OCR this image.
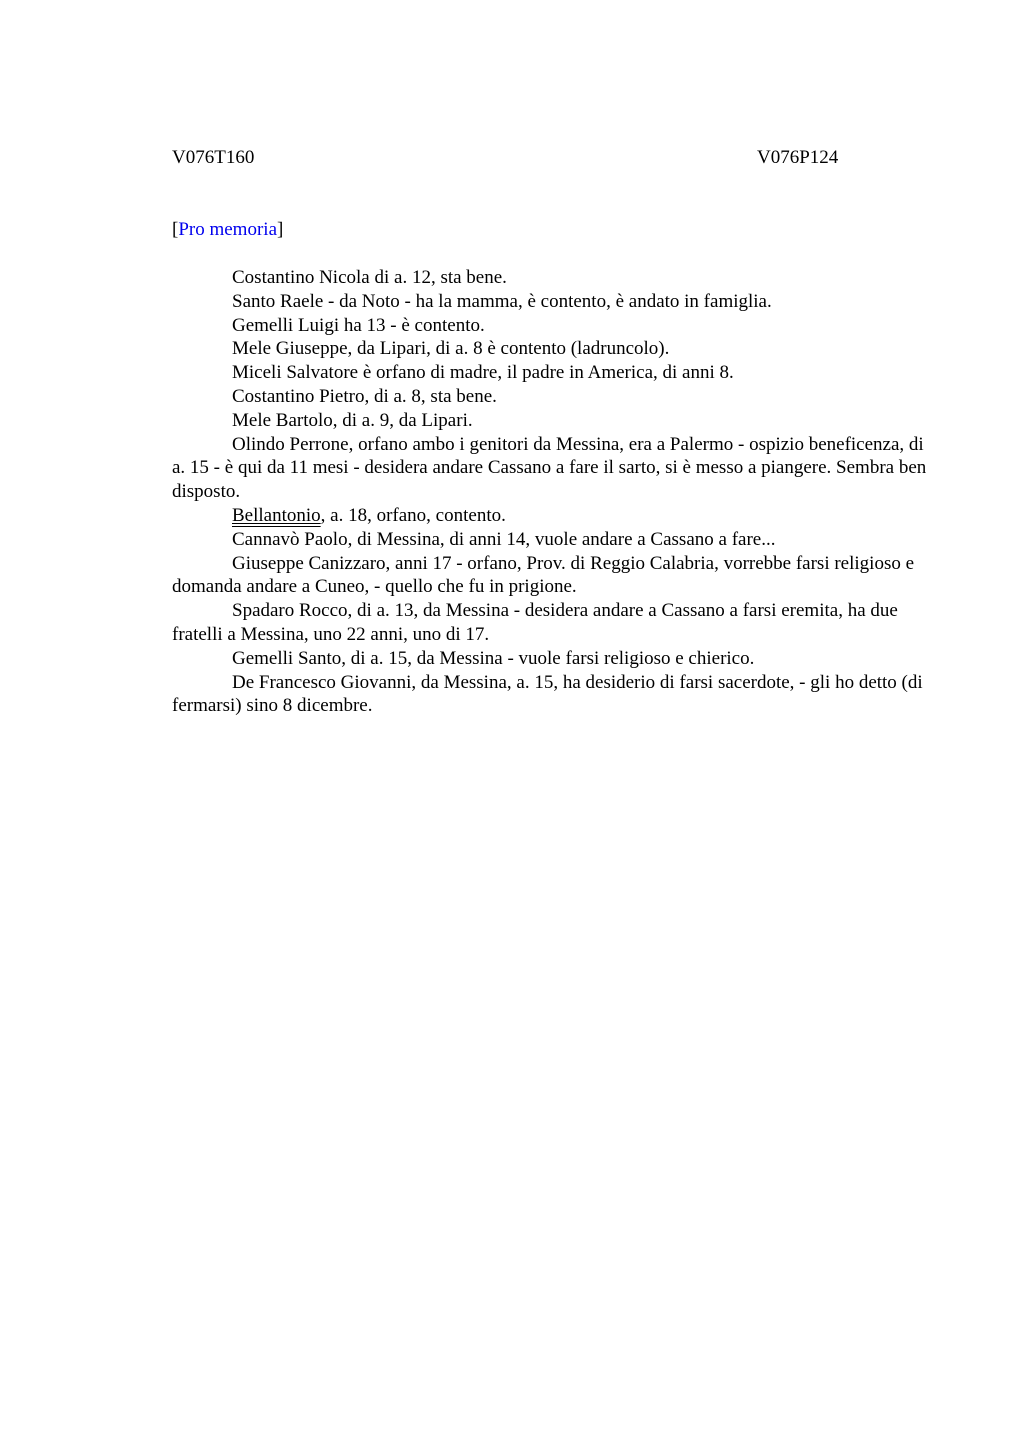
V076T160	V076P124
[Pro memoria]

Costantino Nicola di a. 12, sta bene.

Santo Raele - da Noto - ha la mamma, è contento, è andato in famiglia.

Gemelli Luigi ha 13 - è contento.

Mele Giuseppe, da Lipari, di a. 8 è contento (ladruncolo).

Miceli Salvatore è orfano di madre, il padre in America, di anni 8.

Costantino Pietro, di a. 8, sta bene.

Mele Bartolo, di a. 9, da Lipari.

Olindo Perrone, orfano ambo i genitori da Messina, era a Palermo - ospizio beneficenza, di a. 15 - è qui da 11 mesi - desidera andare Cassano a fare il sarto, si è messo a piangere. Sembra ben disposto.

Bellantonio, a. 18, orfano, contento.

Cannavò Paolo, di Messina, di anni 14, vuole andare a Cassano a fare...

Giuseppe Canizzaro, anni 17 - orfano, Prov. di Reggio Calabria, vorrebbe farsi religioso e domanda andare a Cuneo, - quello che fu in prigione.

Spadaro Rocco, di a. 13, da Messina - desidera andare a Cassano a farsi eremita, ha due fratelli a Messina, uno 22 anni, uno di 17.

Gemelli Santo, di a. 15, da Messina - vuole farsi religioso e chierico.

De Francesco Giovanni, da Messina, a. 15, ha desiderio di farsi sacerdote, - gli ho detto (di fermarsi) sino 8 dicembre.
